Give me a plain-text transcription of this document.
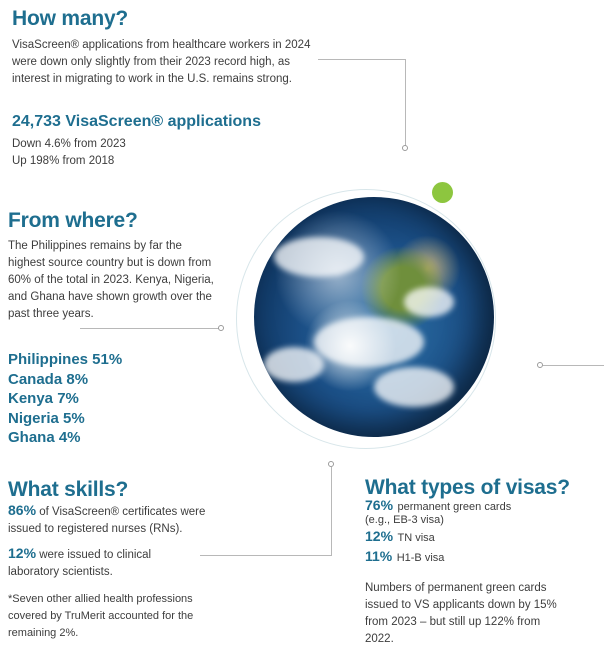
How many?
VisaScreen® applications from healthcare workers in 2024 were down only slightly from their 2023 record high, as interest in migrating to work in the U.S. remains strong.
24,733 VisaScreen® applications
Down 4.6% from 2023
Up 198% from 2018
From where?
The Philippines remains by far the highest source country but is down from 60% of the total in 2023. Kenya, Nigeria, and Ghana have shown growth over the past three years.
Philippines 51%
Canada 8%
Kenya 7%
Nigeria 5%
Ghana 4%
What skills?
86% of VisaScreen® certificates were issued to registered nurses (RNs).
12% were issued to clinical laboratory scientists.
*Seven other allied health professions covered by TruMerit accounted for the remaining 2%.
What types of visas?
76% permanent green cards
(e.g., EB-3 visa)
12% TN visa
11% H1-B visa
Numbers of permanent green cards issued to VS applicants down by 15% from 2023 – but still up 122% from 2022.
